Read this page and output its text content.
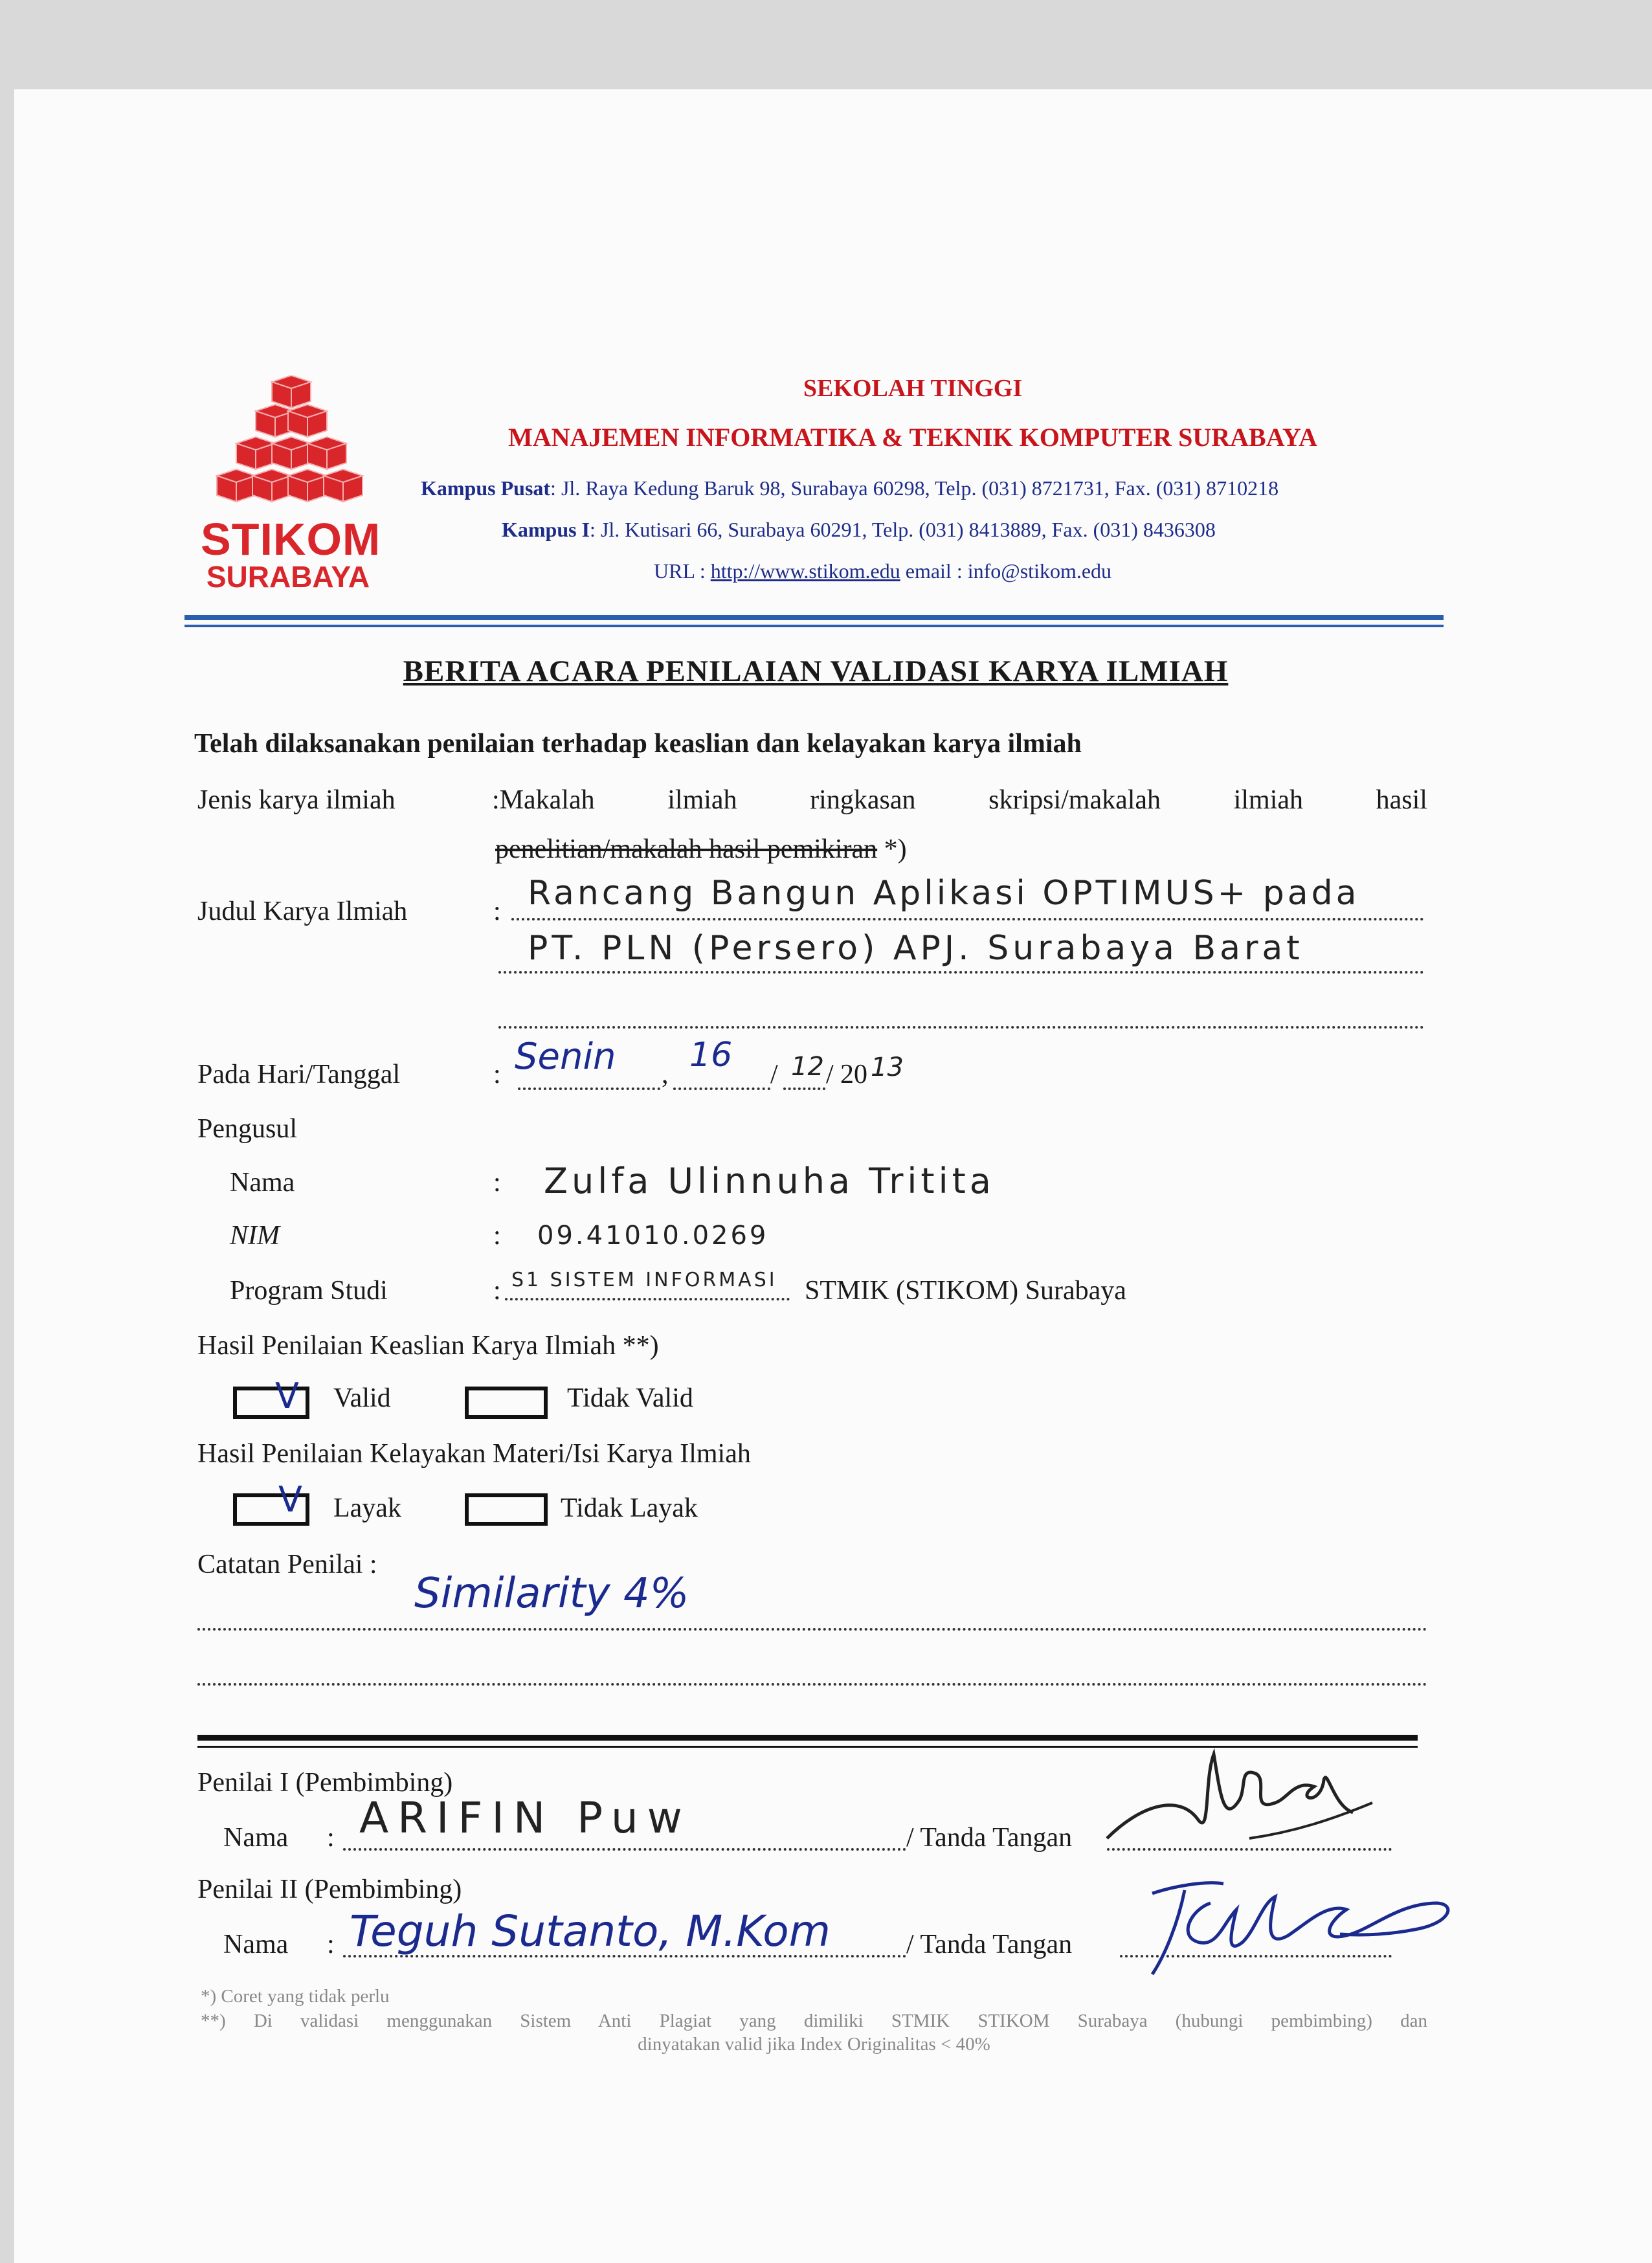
STIKOM
SURABAYA
SEKOLAH TINGGI
MANAJEMEN INFORMATIKA & TEKNIK KOMPUTER SURABAYA
Kampus Pusat: Jl. Raya Kedung Baruk 98, Surabaya 60298, Telp. (031) 8721731, Fax. (031) 8710218
Kampus I: Jl. Kutisari 66, Surabaya 60291, Telp. (031) 8413889, Fax. (031) 8436308
URL : http://www.stikom.edu email : info@stikom.edu
BERITA ACARA PENILAIAN VALIDASI KARYA ILMIAH
Telah dilaksanakan penilaian terhadap keaslian dan kelayakan karya ilmiah
Jenis karya ilmiah	:Makalah	ilmiah	ringkasan	skripsi/makalah	ilmiah	hasil
penelitian/makalah hasil pemikiran *)
Judul Karya Ilmiah	: Rancang Bangun Aplikasi OPTIMUS+ pada
PT. PLN (Persero) APJ. Surabaya Barat
Pada Hari/Tanggal	: Senin , 16 / 12 / 20 13
Pengusul
Nama	: Zulfa Ulinnuha Tritita
NIM	: 09.41010.0269
Program Studi	: S1 SISTEM INFORMASI STMIK (STIKOM) Surabaya
Hasil Penilaian Keaslian Karya Ilmiah **)
V Valid	Tidak Valid
Hasil Penilaian Kelayakan Materi/Isi Karya Ilmiah
V Layak	Tidak Layak
Catatan Penilai :
Similarity 4%
Penilai I (Pembimbing)
Nama : ARIFIN Puw	/ Tanda Tangan
Penilai II (Pembimbing)
Nama : Teguh Sutanto, M.Kom	/ Tanda Tangan
*) Coret yang tidak perlu
**) Di validasi menggunakan Sistem Anti Plagiat yang dimiliki STMIK STIKOM Surabaya (hubungi pembimbing) dan
dinyatakan valid jika Index Originalitas < 40%
